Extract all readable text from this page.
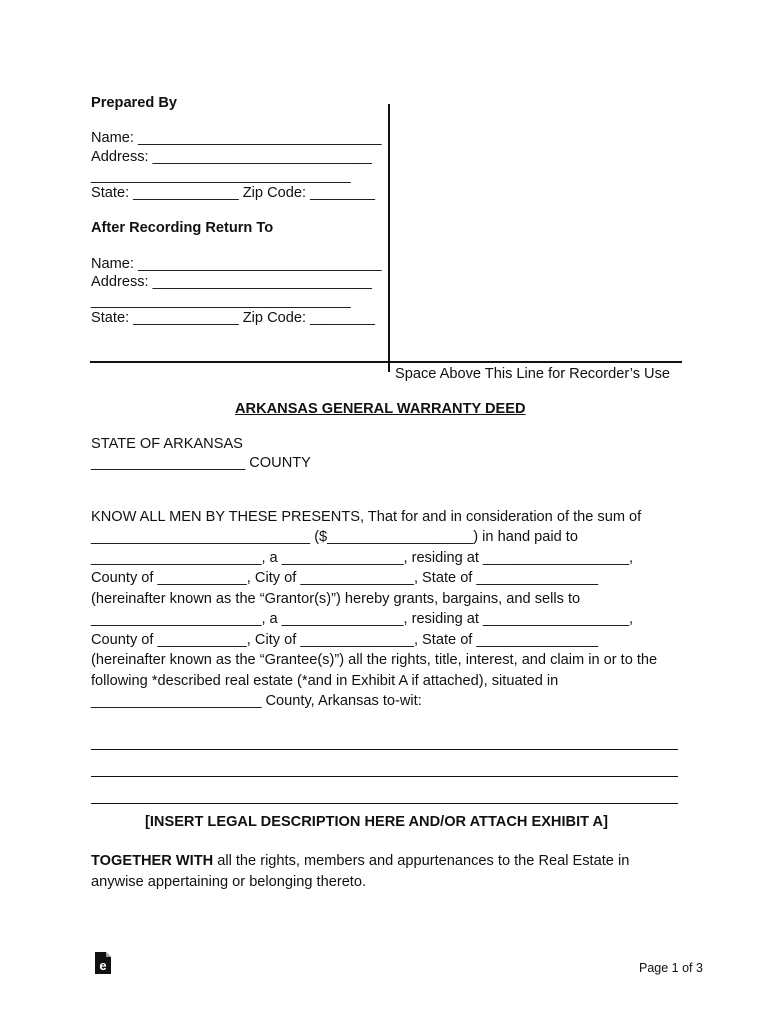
Prepared By
Name: ______________________________
Address: ___________________________
________________________________
State: _____________ Zip Code: ________
After Recording Return To
Name: ______________________________
Address: ___________________________
________________________________
State: _____________ Zip Code: ________
Space Above This Line for Recorder’s Use
ARKANSAS GENERAL WARRANTY DEED
STATE OF ARKANSAS
___________________ COUNTY
KNOW ALL MEN BY THESE PRESENTS, That for and in consideration of the sum of
___________________________ ($__________________) in hand paid to
_____________________, a _______________, residing at __________________,
County of ___________, City of ______________, State of _______________
(hereinafter known as the “Grantor(s)”) hereby grants, bargains, and sells to
_____________________, a _______________, residing at __________________,
County of ___________, City of ______________, State of _______________
(hereinafter known as the “Grantee(s)”) all the rights, title, interest, and claim in or to the
following *described real estate (*and in Exhibit A if attached), situated in
_____________________ County, Arkansas to-wit:
[INSERT LEGAL DESCRIPTION HERE AND/OR ATTACH EXHIBIT A]
TOGETHER WITH all the rights, members and appurtenances to the Real Estate in
anywise appertaining or belonging thereto.
e	Page 1 of 3
